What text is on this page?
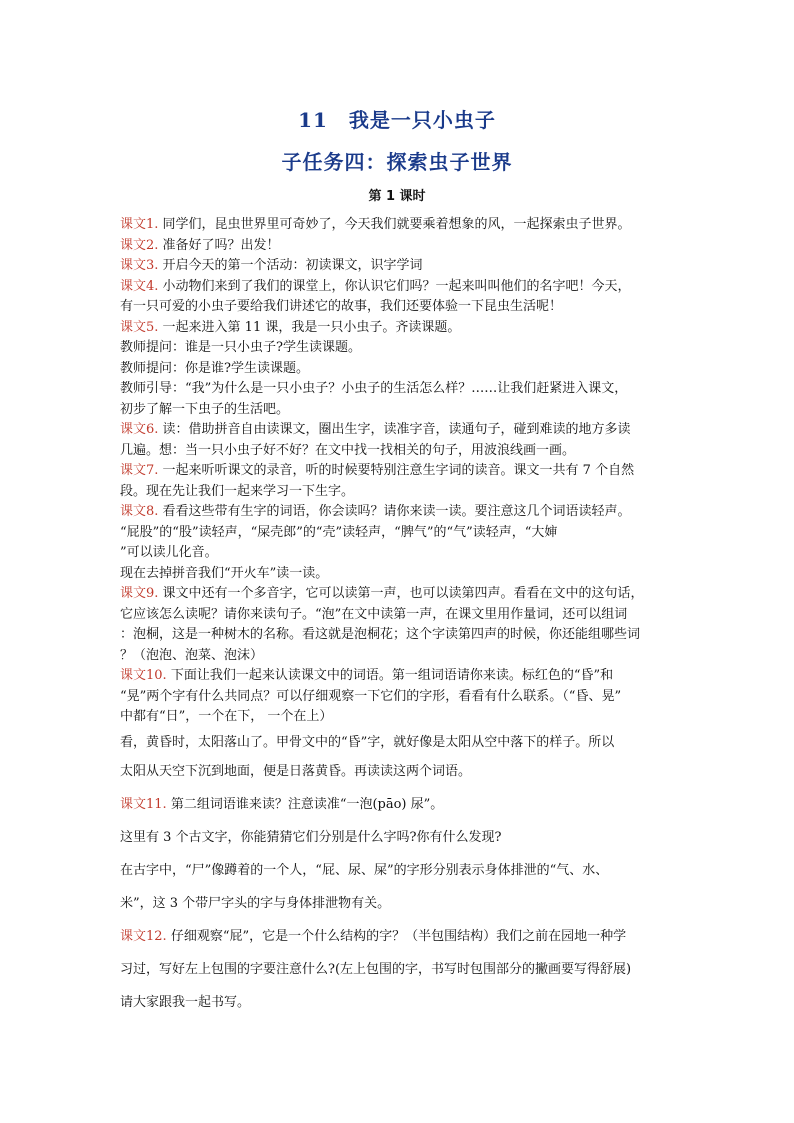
11　我是一只小虫子
子任务四：探索虫子世界
第 1 课时

课文1. 同学们，昆虫世界里可奇妙了，今天我们就要乘着想象的风，一起探索虫子世界。

课文2. 准备好了吗？出发！

课文3. 开启今天的第一个活动：初读课文，识字学词

课文4. 小动物们来到了我们的课堂上，你认识它们吗？一起来叫叫他们的名字吧！今天，

有一只可爱的小虫子要给我们讲述它的故事，我们还要体验一下昆虫生活呢！

课文5. 一起来进入第 11 课，我是一只小虫子。齐读课题。

教师提问：谁是一只小虫子?学生读课题。

教师提问：你是谁?学生读课题。

教师引导：“我”为什么是一只小虫子？小虫子的生活怎么样？……让我们赶紧进入课文，

初步了解一下虫子的生活吧。

课文6. 读：借助拼音自由读课文，圈出生字，读准字音，读通句子，碰到难读的地方多读

几遍。想：当一只小虫子好不好？在文中找一找相关的句子，用波浪线画一画。

课文7. 一起来听听课文的录音，听的时候要特别注意生字词的读音。课文一共有 7 个自然

段。现在先让我们一起来学习一下生字。

课文8. 看看这些带有生字的词语，你会读吗？请你来读一读。要注意这几个词语读轻声。

“屁股”的“股”读轻声，“屎壳郎”的“壳”读轻声，“脾气”的“气”读轻声，“大婶

”可以读儿化音。

现在去掉拼音我们“开火车”读一读。

课文9. 课文中还有一个多音字，它可以读第一声，也可以读第四声。看看在文中的这句话，

它应该怎么读呢？请你来读句子。“泡”在文中读第一声，在课文里用作量词，还可以组词

：泡桐，这是一种树木的名称。看这就是泡桐花；这个字读第四声的时候，你还能组哪些词

？（泡泡、泡菜、泡沫）

课文10. 下面让我们一起来认读课文中的词语。第一组词语请你来读。标红色的“昏”和

“晃”两个字有什么共同点？可以仔细观察一下它们的字形，看看有什么联系。（“昏、晃”

中都有“日”，一个在下， 一个在上）

看，黄昏时，太阳落山了。甲骨文中的“昏”字，就好像是太阳从空中落下的样子。所以

太阳从天空下沉到地面，便是日落黄昏。再读读这两个词语。

课文11. 第二组词语谁来读？注意读准“一泡(pāo) 尿”。

这里有 3 个古文字，你能猜猜它们分别是什么字吗?你有什么发现?

在古字中，“尸”像蹲着的一个人，“屁、尿、屎”的字形分别表示身体排泄的“气、水、

米”，这 3 个带尸字头的字与身体排泄物有关。

课文12. 仔细观察“屁”，它是一个什么结构的字？（半包围结构）我们之前在园地一种学

习过，写好左上包围的字要注意什么?(左上包围的字，书写时包围部分的撇画要写得舒展)

请大家跟我一起书写。
